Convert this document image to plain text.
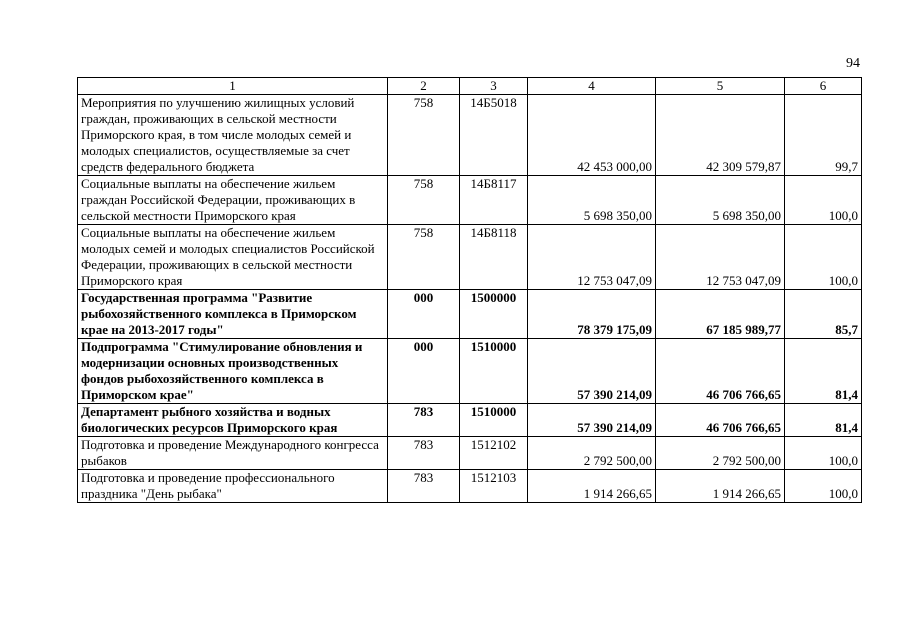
94
1	2	3	4	5	6
Мероприятия по улучшению жилищных условий граждан, проживающих в сельской местности Приморского края, в том числе молодых семей и молодых специалистов, осуществляемые за счет средств федерального бюджета	758	14Б5018	42 453 000,00	42 309 579,87	99,7
Социальные выплаты на обеспечение жильем граждан Российской Федерации, проживающих в сельской местности Приморского края	758	14Б8117	5 698 350,00	5 698 350,00	100,0
Социальные выплаты на обеспечение жильем молодых семей и молодых специалистов Российской Федерации, проживающих в сельской местности Приморского края	758	14Б8118	12 753 047,09	12 753 047,09	100,0
Государственная программа "Развитие рыбохозяйственного комплекса в Приморском крае на 2013-2017 годы"	000	1500000	78 379 175,09	67 185 989,77	85,7
Подпрограмма "Стимулирование обновления и модернизации основных производственных фондов рыбохозяйственного комплекса в Приморском крае"	000	1510000	57 390 214,09	46 706 766,65	81,4
Департамент рыбного хозяйства и водных биологических ресурсов Приморского края	783	1510000	57 390 214,09	46 706 766,65	81,4
Подготовка и проведение Международного конгресса рыбаков	783	1512102	2 792 500,00	2 792 500,00	100,0
Подготовка и проведение профессионального праздника "День рыбака"	783	1512103	1 914 266,65	1 914 266,65	100,0
